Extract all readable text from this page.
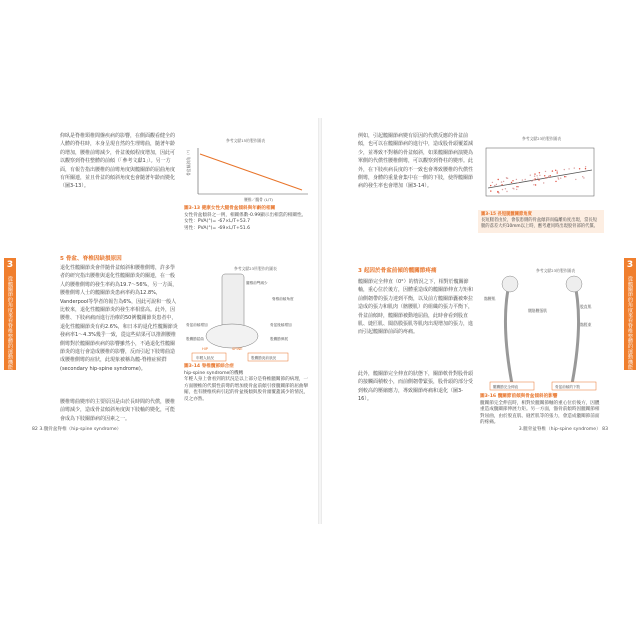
3
從髖關節的角度來看脊椎整體的運動機能
3
從髖關節的角度來看脊椎整體的運動機能

仰臥是脊椎頸椎間盤疾病的影響，在側面觀看健全的人體的脊柱時，本身呈現自然的生理彎曲，隨著年齡的增加，腰椎前彎減少，骨盆後傾程度增加，因此可以觀察到脊柱整體的前傾（「參考文獻1」）。另一方面，有報告指出腰椎的前彎角度與髖關節的屈曲角度有所關連，並且骨盆的傾斜角度也會隨著年齡而變化（圖3-13）。

參考文獻15的製作圖表
腰椎／髖骨 (L/T)
骨盆傾斜角（°）
圖3-13 健康女性大腿骨盆傾斜與年齡的相關
女性骨盆傾斜之一例，相關係數-0.99顯示出相當的相關性。
女性：PVA(°)= -67×L/T+53.7
男性：PVA(°)= -69×L/T+51.6
5 骨盆、脊椎因缺損原因

退化性髖關節炎會伴隨骨盆傾斜和腰椎側彎，許多學者的研究指出腰椎與退化性髖關節炎的關連，在一般人的腰椎側彎的發生率約為19.7～56%，另一方面，腰椎側彎人士的髖關節炎患病率約為12.8%，Vanderpool等學者的報告為6%，因此可說和一般人比較來，退化性髖關節炎的發生率相當高。此外，因腰椎、下肢病痛而進行治療的50例髖關節炎患者中，退化性髖關節炎有約2.6%，和日本的退化性髖關節炎發病率1～4.3%幾乎一致，從這些結果可以推測腰椎側彎對於髖關節疾病的影響雖然小，不過退化性髖關節炎的進行會造成腰椎的影響，反而引起下肢彎曲造成腰椎側彎的症狀，此現象被稱為髖-脊椎症候群(secondary hip-spine syndrome)。

腰椎彎曲變形的主要原因是由於長時間的代償，腰椎前彎減少，造成骨盆傾斜角度與下肢軸的變化，可能會成為下肢關節病的因素之一。

參考文獻23所製作的圖表
腰椎前彎減少
脊椎前傾角度
骨盆前傾增加	骨盆後傾增加
股關節屈曲	股關節伸展
HIP	SPINE
年輕人狀況	股關節炎前狀況
圖3-14 脊椎髖部綜合症
hip-spine syndrome的機轉
年輕人身上會看到的狀況是以上部分是脊椎髖關節的病理，一方面腰椎的代償性前彎的增加使骨盆前傾引發髖關節的屈曲攣縮，也有腰椎疾病引起的骨盆後傾與股骨頭覆蓋減少的情況，反之亦然。
82 3.髖骨盆脊椎（hip-spine syndrome）

例如，引起髖關節病變有原因的代償反應的骨盆前傾，也可以在髖關節病的進行中，造成股骨頭覆蓋減少，並導致不對稱的骨盆傾斜，如果髖關節病演變為單側的代償性腰椎側彎，可以觀察到脊柱的變形。此外，在下肢疾病長度的不一致也會導致腰椎的代償性側彎，身體的重量會集中在一側的下肢，使得髖關節病的發生率也會增加（圖3-14）。

參考文獻23的製作圖表
圖3-15 長短腿髖關節角度
長短腿者由於，會依患側的骨盆傾斜而偏離角度出現，當長短腿的落差大約10mm以上時，應考慮同時出現股骨部的代償。
3 起因於骨盆前傾的髖關節疼痛

髖關節完全伸直（0°）的情況之下，相對於髖關節軸，重心位於後方，因體重造成的髖關節伸直力矩和前側韌帶的張力達到平衡，以及前方髖關節囊被牽拉造成的張力和肌肉（髂腰肌）的組織的張力平衡下，骨盆前傾時，髖關節被動地屈曲，此時會看到股直肌、縫匠肌、闊筋膜張肌等肌肉出現增加的張力，進而引起髖關節前面的疼痛。

此外，髖關節完全伸直的狀態下，關節軟骨對股骨頭的接觸面積較小，而前側韌帶緊張，股骨頭的部分受到較高的壓縮應力，導致關節疼痛和退化（圖3-16）。

參考文獻23的製作圖表
髂腰肌
闊筋膜張肌
股直肌
髂脛束
髖關節完全伸直	骨盆前傾的下肢
圖3-16 髖關節前傾與骨盆傾斜的影響
髖關節完全伸直時，相對於髖關節軸的重心位於後方，因體重造成髖關節伸展力矩。另一方面，髂骨前傾時因髖關節相對屈曲，由於股直肌、縫匠肌等的張力，會造成髖關節前面的疼痛。
3.髖骨盆脊椎（hip-spine syndrome） 83
